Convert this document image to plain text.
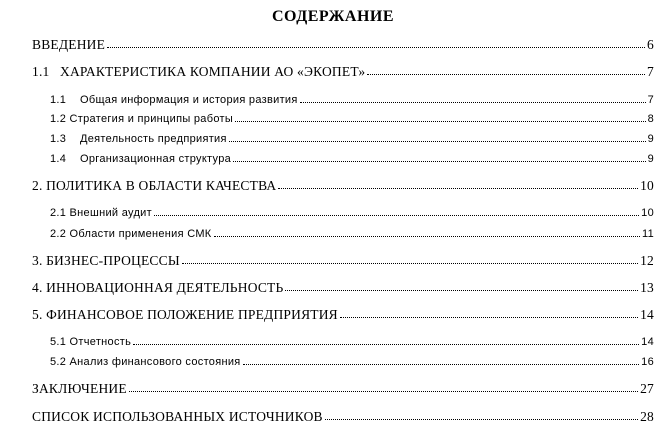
СОДЕРЖАНИЕ
ВВЕДЕНИЕ	6
1.1 ХАРАКТЕРИСТИКА КОМПАНИИ АО «ЭКОПЕТ»	7
1.1	Общая информация и история развития	7
1.2 Стратегия и принципы работы	8
1.3	Деятельность предприятия	9
1.4	Организационная структура	9
2. ПОЛИТИКА В ОБЛАСТИ КАЧЕСТВА	10
2.1 Внешний аудит	10
2.2 Области применения СМК	11
3. БИЗНЕС-ПРОЦЕССЫ	12
4. ИННОВАЦИОННАЯ ДЕЯТЕЛЬНОСТЬ	13
5. ФИНАНСОВОЕ ПОЛОЖЕНИЕ ПРЕДПРИЯТИЯ	14
5.1 Отчетность	14
5.2 Анализ финансового состояния	16
ЗАКЛЮЧЕНИЕ	27
СПИСОК ИСПОЛЬЗОВАННЫХ ИСТОЧНИКОВ	28
